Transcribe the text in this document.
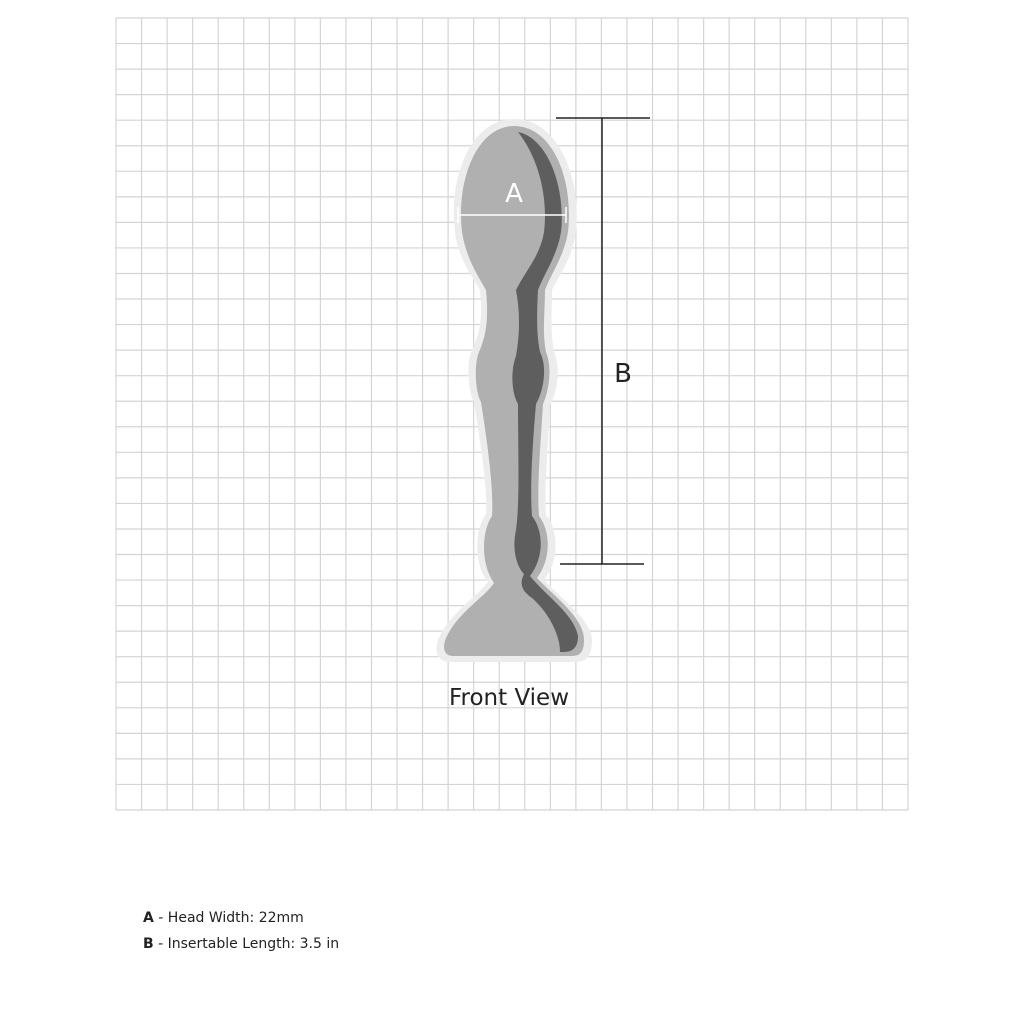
A
B
Front View
A - Head Width: 22mm
B - Insertable Length: 3.5 in
